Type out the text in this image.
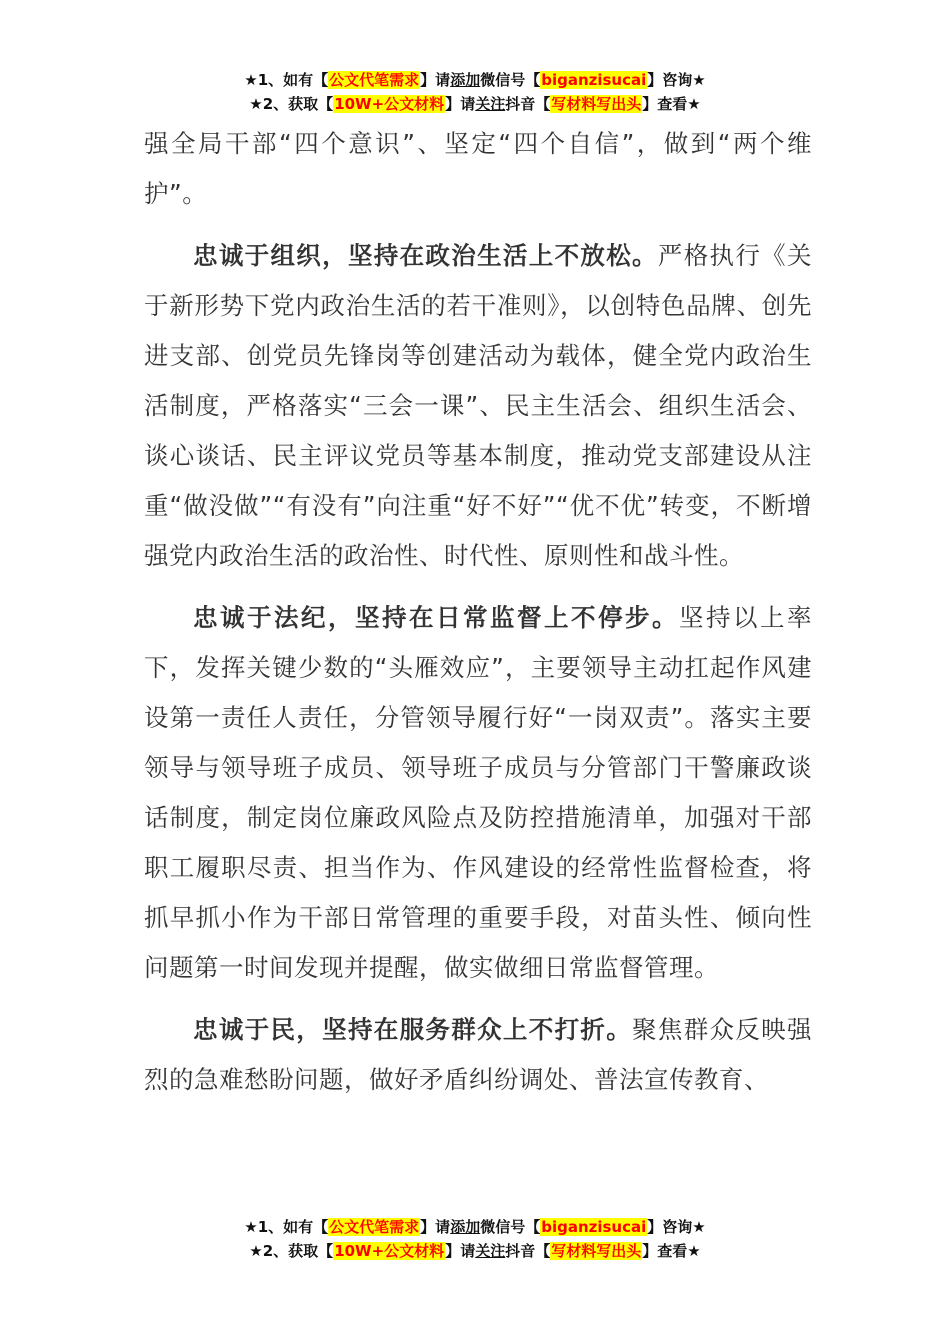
★1、如有【公文代笔需求】请添加微信号【biganzisucai】咨询★
★2、获取【10W+公文材料】请关注抖音【写材料写出头】查看★

强全局干部“四个意识”、坚定“四个自信”，做到“两个维护”。

忠诚于组织，坚持在政治生活上不放松。严格执行《关于新形势下党内政治生活的若干准则》，以创特色品牌、创先进支部、创党员先锋岗等创建活动为载体，健全党内政治生活制度，严格落实“三会一课”、民主生活会、组织生活会、谈心谈话、民主评议党员等基本制度，推动党支部建设从注重“做没做”“有没有”向注重“好不好”“优不优”转变，不断增强党内政治生活的政治性、时代性、原则性和战斗性。

忠诚于法纪，坚持在日常监督上不停步。坚持以上率下，发挥关键少数的“头雁效应”，主要领导主动扛起作风建设第一责任人责任，分管领导履行好“一岗双责”。落实主要领导与领导班子成员、领导班子成员与分管部门干警廉政谈话制度，制定岗位廉政风险点及防控措施清单，加强对干部职工履职尽责、担当作为、作风建设的经常性监督检查，将抓早抓小作为干部日常管理的重要手段，对苗头性、倾向性问题第一时间发现并提醒，做实做细日常监督管理。

忠诚于民，坚持在服务群众上不打折。聚焦群众反映强烈的急难愁盼问题，做好矛盾纠纷调处、普法宣传教育、

★1、如有【公文代笔需求】请添加微信号【biganzisucai】咨询★
★2、获取【10W+公文材料】请关注抖音【写材料写出头】查看★
